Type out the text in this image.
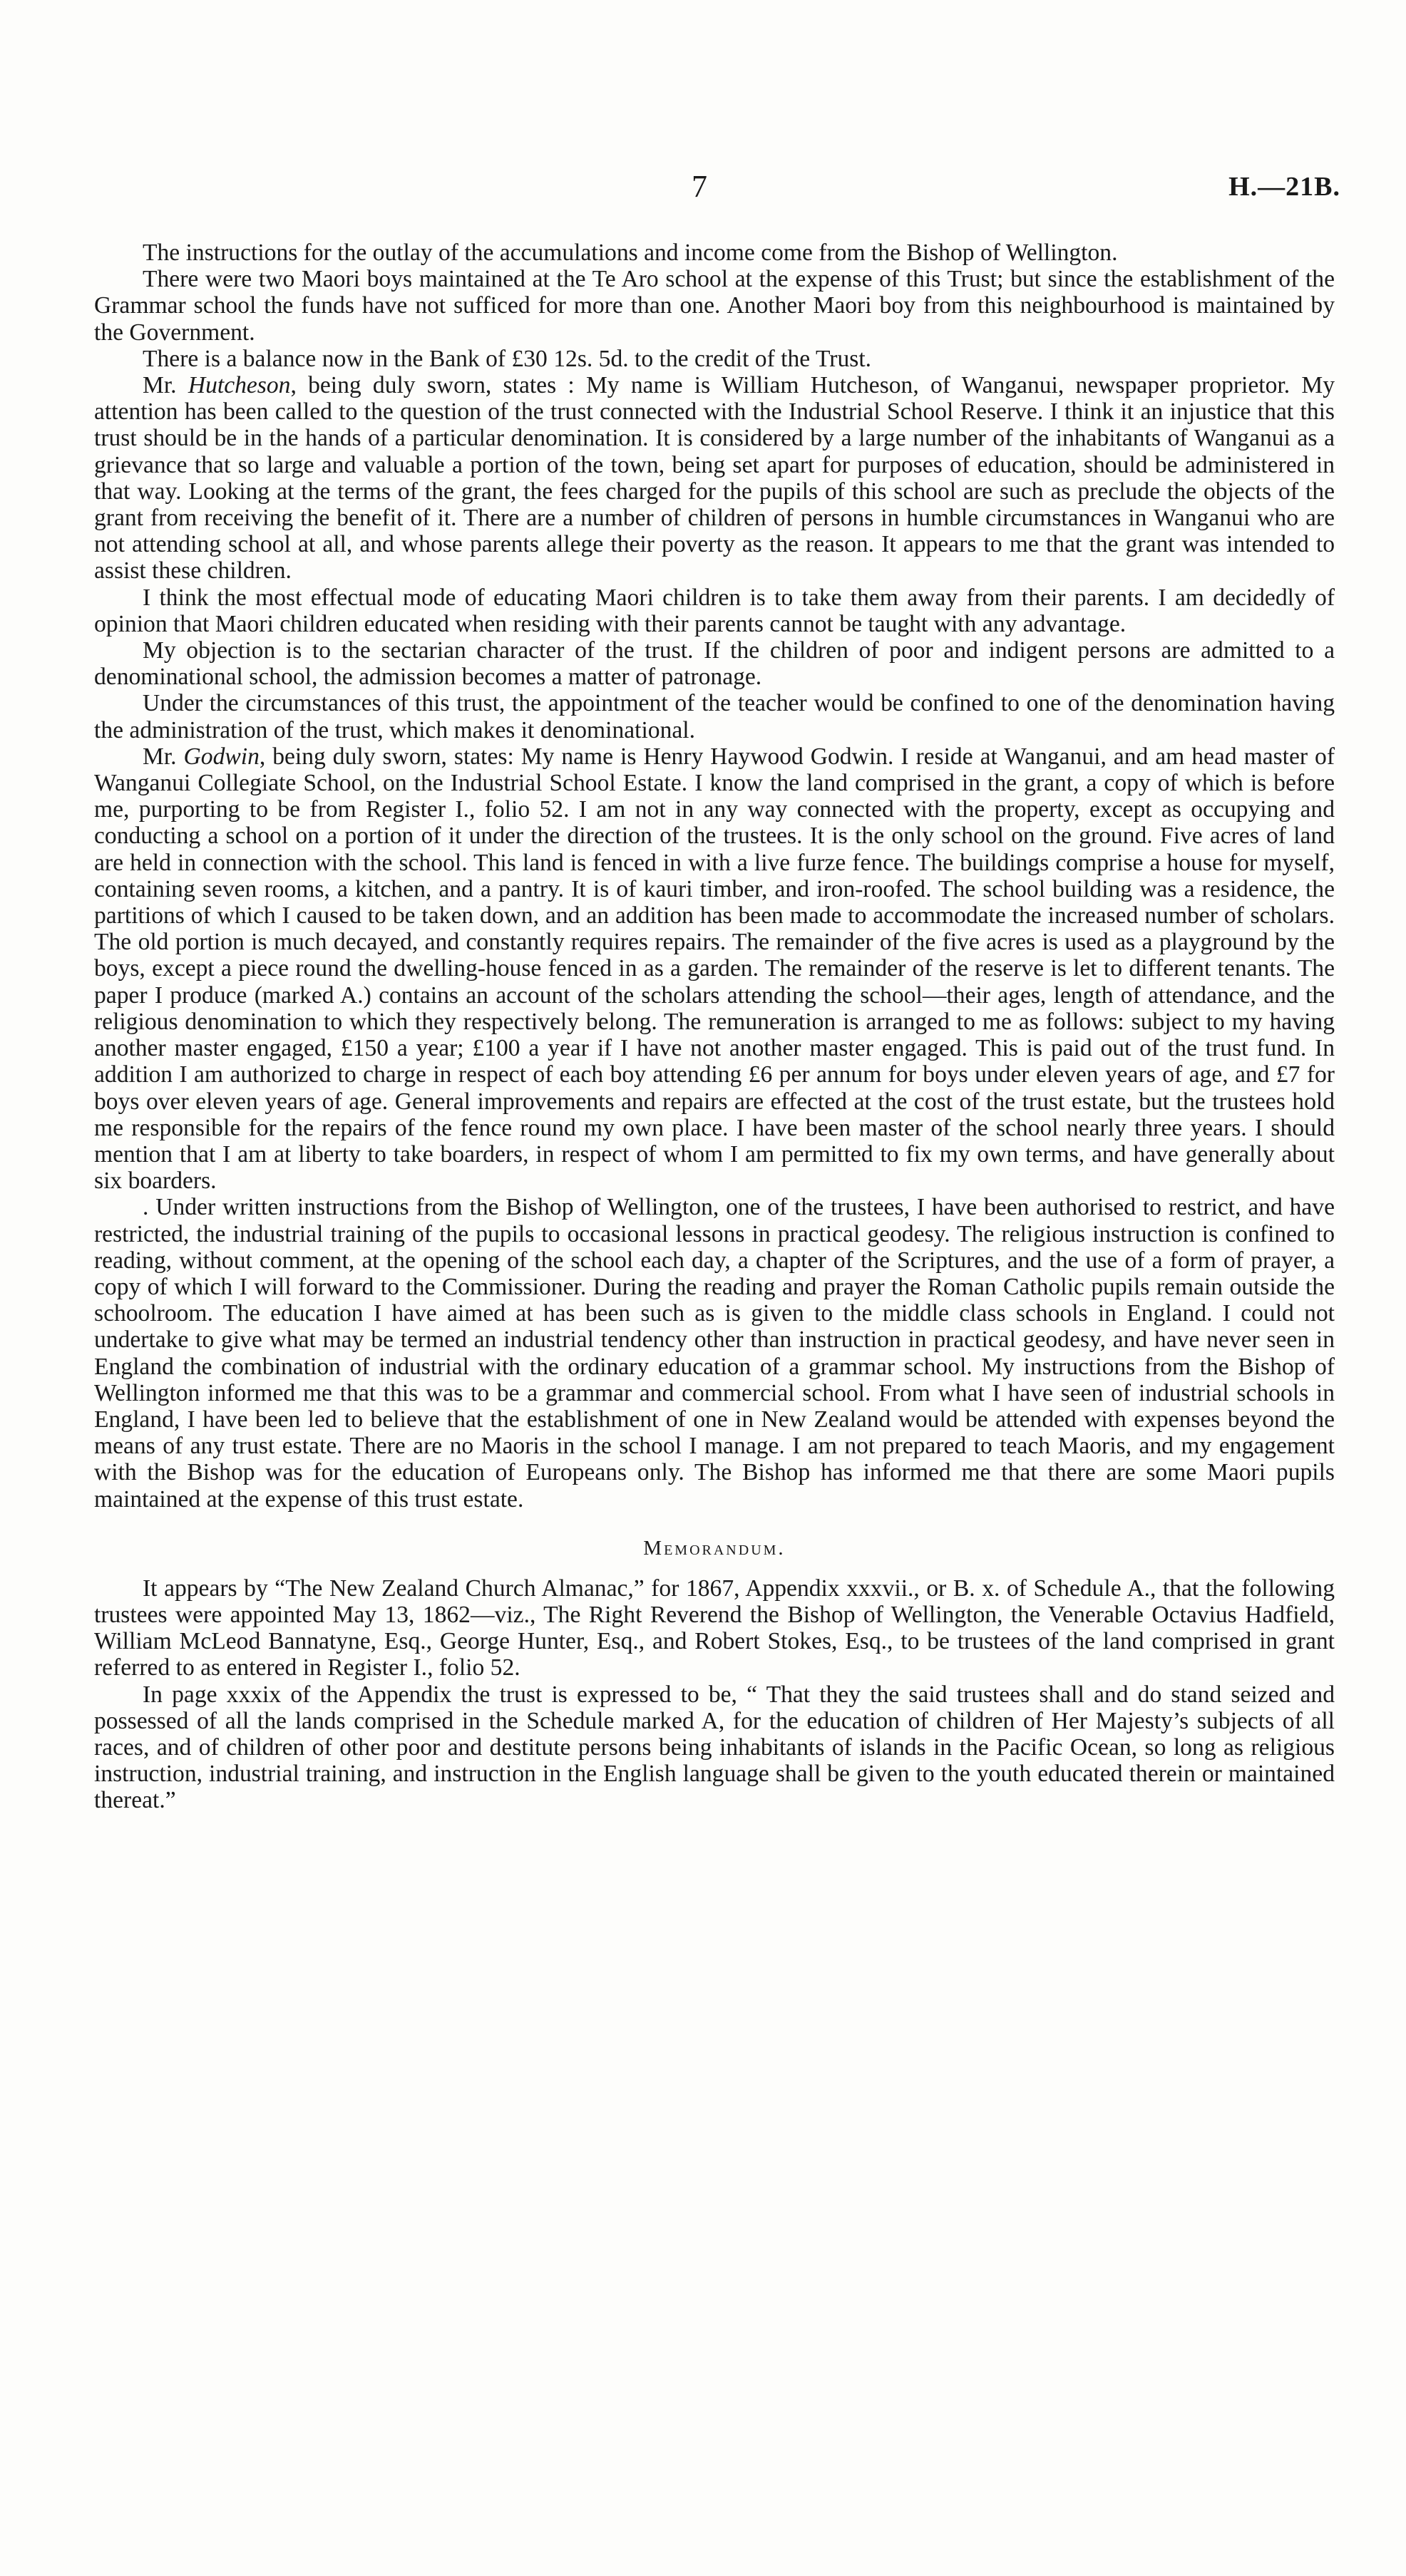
7	H.—21B.

The instructions for the outlay of the accumulations and income come from the Bishop of Wellington.

There were two Maori boys maintained at the Te Aro school at the expense of this Trust; but since the establishment of the Grammar school the funds have not sufficed for more than one. Another Maori boy from this neighbourhood is maintained by the Government.

There is a balance now in the Bank of £30 12s. 5d. to the credit of the Trust.

Mr. Hutcheson, being duly sworn, states : My name is William Hutcheson, of Wanganui, newspaper proprietor. My attention has been called to the question of the trust connected with the Industrial School Reserve. I think it an injustice that this trust should be in the hands of a particular denomination. It is considered by a large number of the inhabitants of Wanganui as a grievance that so large and valuable a portion of the town, being set apart for purposes of education, should be administered in that way. Looking at the terms of the grant, the fees charged for the pupils of this school are such as preclude the objects of the grant from receiving the benefit of it. There are a number of children of persons in humble circumstances in Wanganui who are not attending school at all, and whose parents allege their poverty as the reason. It appears to me that the grant was intended to assist these children.

I think the most effectual mode of educating Maori children is to take them away from their parents. I am decidedly of opinion that Maori children educated when residing with their parents cannot be taught with any advantage.

My objection is to the sectarian character of the trust. If the children of poor and indigent persons are admitted to a denominational school, the admission becomes a matter of patronage.

Under the circumstances of this trust, the appointment of the teacher would be confined to one of the denomination having the administration of the trust, which makes it denominational.

Mr. Godwin, being duly sworn, states: My name is Henry Haywood Godwin. I reside at Wanganui, and am head master of Wanganui Collegiate School, on the Industrial School Estate. I know the land comprised in the grant, a copy of which is before me, purporting to be from Register I., folio 52. I am not in any way connected with the property, except as occupying and conducting a school on a portion of it under the direction of the trustees. It is the only school on the ground. Five acres of land are held in connection with the school. This land is fenced in with a live furze fence. The buildings comprise a house for myself, containing seven rooms, a kitchen, and a pantry. It is of kauri timber, and iron-roofed. The school building was a residence, the partitions of which I caused to be taken down, and an addition has been made to accommodate the increased number of scholars. The old portion is much decayed, and constantly requires repairs. The remainder of the five acres is used as a playground by the boys, except a piece round the dwelling-house fenced in as a garden. The remainder of the reserve is let to different tenants. The paper I produce (marked A.) contains an account of the scholars attending the school—their ages, length of attendance, and the religious denomination to which they respectively belong. The remuneration is arranged to me as follows: subject to my having another master engaged, £150 a year; £100 a year if I have not another master engaged. This is paid out of the trust fund. In addition I am authorized to charge in respect of each boy attending £6 per annum for boys under eleven years of age, and £7 for boys over eleven years of age. General improvements and repairs are effected at the cost of the trust estate, but the trustees hold me responsible for the repairs of the fence round my own place. I have been master of the school nearly three years. I should mention that I am at liberty to take boarders, in respect of whom I am permitted to fix my own terms, and have generally about six boarders.

. Under written instructions from the Bishop of Wellington, one of the trustees, I have been authorised to restrict, and have restricted, the industrial training of the pupils to occasional lessons in practical geodesy. The religious instruction is confined to reading, without comment, at the opening of the school each day, a chapter of the Scriptures, and the use of a form of prayer, a copy of which I will forward to the Commissioner. During the reading and prayer the Roman Catholic pupils remain outside the schoolroom. The education I have aimed at has been such as is given to the middle class schools in England. I could not undertake to give what may be termed an industrial tendency other than instruction in practical geodesy, and have never seen in England the combination of industrial with the ordinary education of a grammar school. My instructions from the Bishop of Wellington informed me that this was to be a grammar and commercial school. From what I have seen of industrial schools in England, I have been led to believe that the establishment of one in New Zealand would be attended with expenses beyond the means of any trust estate. There are no Maoris in the school I manage. I am not prepared to teach Maoris, and my engagement with the Bishop was for the education of Europeans only. The Bishop has informed me that there are some Maori pupils maintained at the expense of this trust estate.

Memorandum.

It appears by “The New Zealand Church Almanac,” for 1867, Appendix xxxvii., or B. x. of Schedule A., that the following trustees were appointed May 13, 1862—viz., The Right Reverend the Bishop of Wellington, the Venerable Octavius Hadfield, William McLeod Bannatyne, Esq., George Hunter, Esq., and Robert Stokes, Esq., to be trustees of the land comprised in grant referred to as entered in Register I., folio 52.

In page xxxix of the Appendix the trust is expressed to be, “ That they the said trustees shall and do stand seized and possessed of all the lands comprised in the Schedule marked A, for the education of children of Her Majesty’s subjects of all races, and of children of other poor and destitute persons being inhabitants of islands in the Pacific Ocean, so long as religious instruction, industrial training, and instruction in the English language shall be given to the youth educated therein or maintained thereat.”
